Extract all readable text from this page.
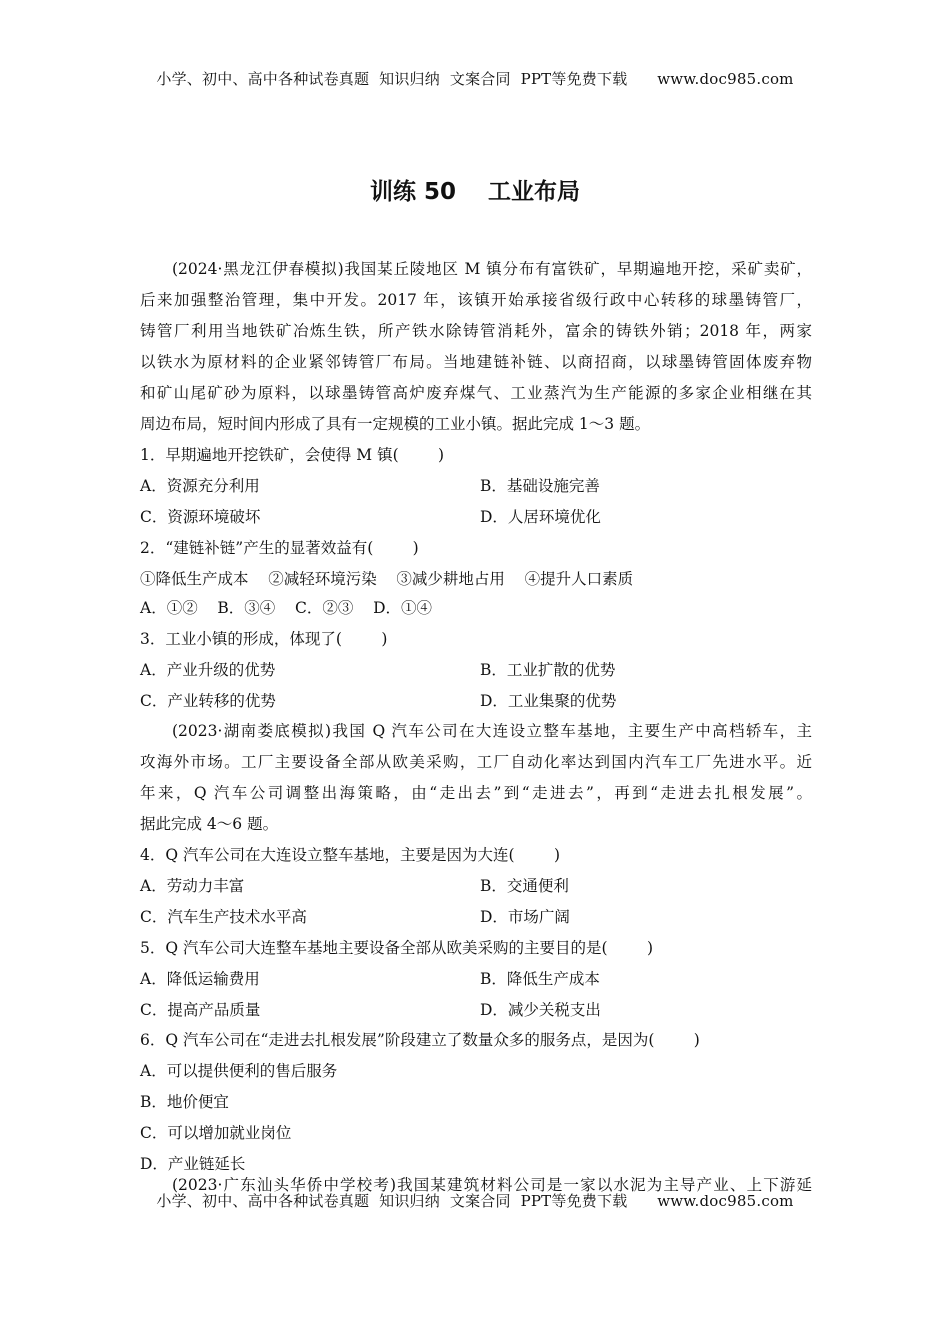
小学、初中、高中各种试卷真题  知识归纳  文案合同  PPT等免费下载      www.doc985.com
训练 50    工业布局
(2024·黑龙江伊春模拟)我国某丘陵地区 M 镇分布有富铁矿，早期遍地开挖，采矿卖矿，
后来加强整治管理，集中开发。2017 年，该镇开始承接省级行政中心转移的球墨铸管厂，
铸管厂利用当地铁矿冶炼生铁，所产铁水除铸管消耗外，富余的铸铁外销；2018 年，两家
以铁水为原材料的企业紧邻铸管厂布局。当地建链补链、以商招商，以球墨铸管固体废弃物
和矿山尾矿砂为原料，以球墨铸管高炉废弃煤气、工业蒸汽为生产能源的多家企业相继在其
周边布局，短时间内形成了具有一定规模的工业小镇。据此完成 1～3 题。
1．早期遍地开挖铁矿，会使得 M 镇(        )
A．资源充分利用	B．基础设施完善
C．资源环境破坏	D．人居环境优化
2．“建链补链”产生的显著效益有(        )
①降低生产成本    ②减轻环境污染    ③减少耕地占用    ④提升人口素质
A．①②    B．③④    C．②③    D．①④
3．工业小镇的形成，体现了(        )
A．产业升级的优势	B．工业扩散的优势
C．产业转移的优势	D．工业集聚的优势
(2023·湖南娄底模拟)我国 Q 汽车公司在大连设立整车基地，主要生产中高档轿车，主
攻海外市场。工厂主要设备全部从欧美采购，工厂自动化率达到国内汽车工厂先进水平。近
年来，Q 汽车公司调整出海策略，由“走出去”到“走进去”，再到“走进去扎根发展”。
据此完成 4～6 题。
4．Q 汽车公司在大连设立整车基地，主要是因为大连(        )
A．劳动力丰富	B．交通便利
C．汽车生产技术水平高	D．市场广阔
5．Q 汽车公司大连整车基地主要设备全部从欧美采购的主要目的是(        )
A．降低运输费用	B．降低生产成本
C．提高产品质量	D．减少关税支出
6．Q 汽车公司在“走进去扎根发展”阶段建立了数量众多的服务点，是因为(        )
A．可以提供便利的售后服务
B．地价便宜
C．可以增加就业岗位
D．产业链延长
(2023·广东汕头华侨中学校考)我国某建筑材料公司是一家以水泥为主导产业、上下游延
小学、初中、高中各种试卷真题  知识归纳  文案合同  PPT等免费下载      www.doc985.com
